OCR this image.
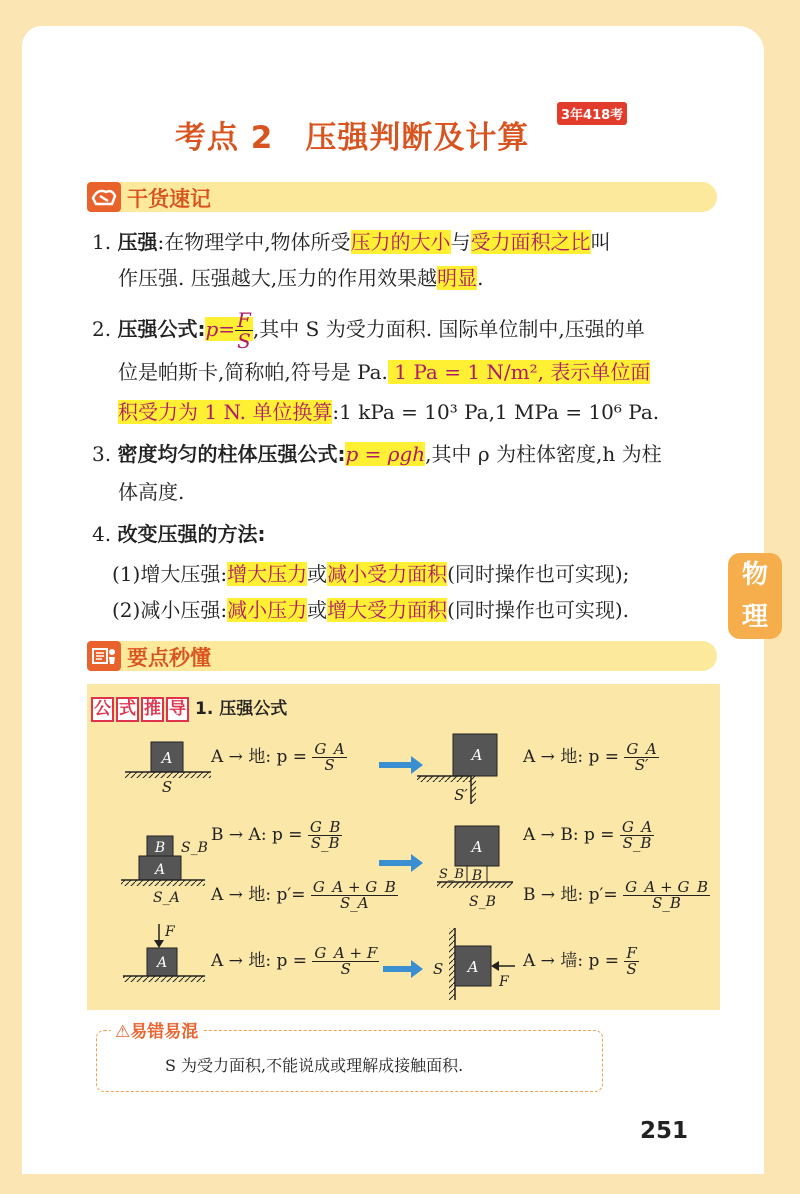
物
理
考点 2　压强判断及计算
3年418考
干货速记
1. 压强:在物理学中,物体所受压力的大小与受力面积之比叫
作压强. 压强越大,压力的作用效果越明显.
2. 压强公式:p= $\frac{F}{S}$ ,其中 S 为受力面积. 国际单位制中,压强的单
位是帕斯卡,简称帕,符号是 Pa. 1 Pa = 1 N/m², 表示单位面
积受力为 1 N. 单位换算:1 kPa = 10³ Pa,1 MPa = 10⁶ Pa.
3. 密度均匀的柱体压强公式:p = ρgh,其中 ρ 为柱体密度,h 为柱
体高度.
4. 改变压强的方法:
(1)增大压强:增大压力或减小受力面积(同时操作也可实现);
(2)减小压强:减小压力或增大受力面积(同时操作也可实现).
要点秒懂
公 式 推 导 1. 压强公式
A
S
A
S′
B
A
S_B
S_A
A
B
S_B
S_B
F
A	A
S
F
A → 地: $p = \frac{G\_A}{S}$	A → 地: $p = \frac{G\_A}{S'}$
B → A: $p = \frac{G\_B}{S\_B}$
A → 地: $p'= \frac{G\_A + G\_B}{S\_A}$
A → B: $p = \frac{G\_A}{S\_B}$
B → 地: $p'= \frac{G\_A + G\_B}{S\_B}$
A → 地: $p = \frac{G\_A + F}{S}$	A → 墙: $p = \frac{F}{S}$
⚠易错易混
S 为受力面积,不能说成或理解成接触面积.
251
